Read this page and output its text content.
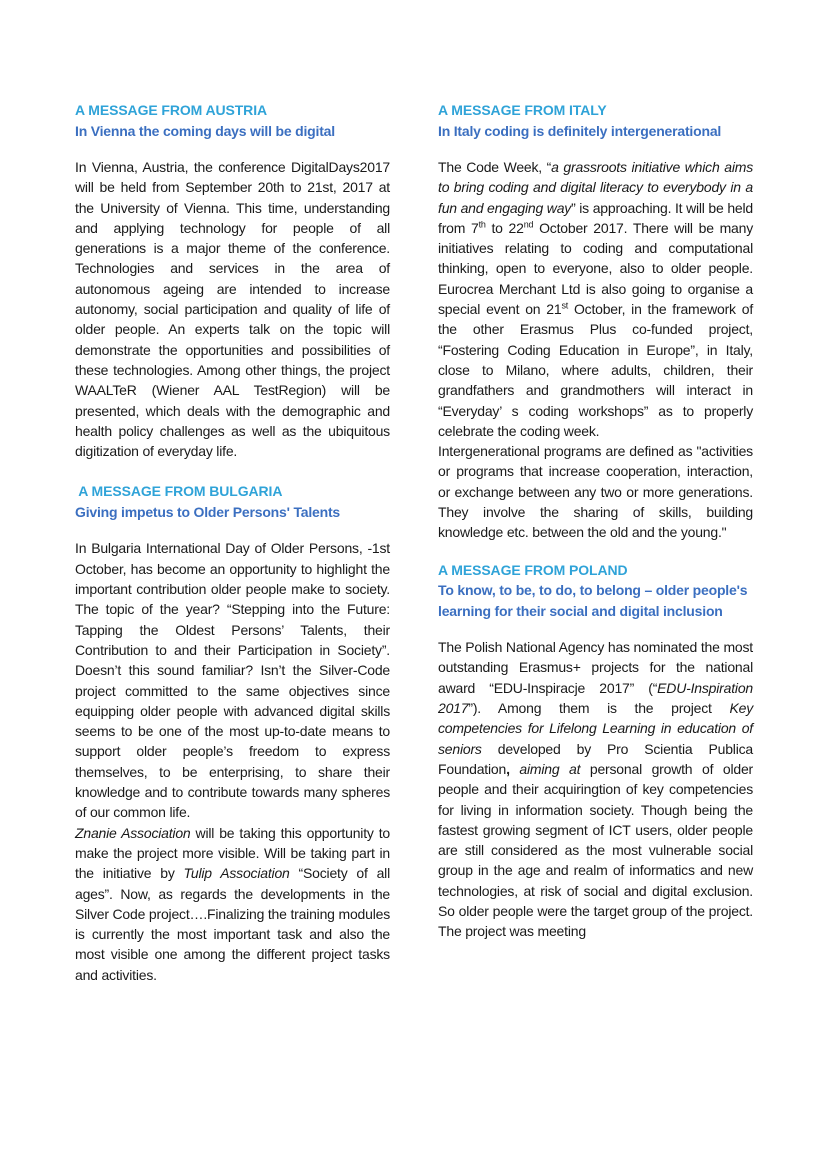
A MESSAGE FROM AUSTRIA

In Vienna the coming days will be digital

In Vienna, Austria, the conference DigitalDays2017 will be held from September 20th to 21st, 2017 at the University of Vienna. This time, understanding and applying technology for people of all generations is a major theme of the conference. Technologies and services in the area of autonomous ageing are intended to increase autonomy, social participation and quality of life of older people. An experts talk on the topic will demonstrate the opportunities and possibilities of these technologies. Among other things, the project WAALTeR (Wiener AAL TestRegion) will be presented, which deals with the demographic and health policy challenges as well as the ubiquitous digitization of everyday life.

A MESSAGE FROM BULGARIA

Giving impetus to Older Persons' Talents

In Bulgaria International Day of Older Persons, -1st October, has become an opportunity to highlight the important contribution older people make to society. The topic of the year? “Stepping into the Future: Tapping the Oldest Persons’ Talents, their Contribution to and their Participation in Society”. Doesn’t this sound familiar? Isn’t the Silver-Code project committed to the same objectives since equipping older people with advanced digital skills seems to be one of the most up-to-date means to support older people’s freedom to express themselves, to be enterprising, to share their knowledge and to contribute towards many spheres of our common life.

Znanie Association will be taking this opportunity to make the project more visible. Will be taking part in the initiative by Tulip Association “Society of all ages”. Now, as regards the developments in the Silver Code project….Finalizing the training modules is currently the most important task and also the most visible one among the different project tasks and activities.

A MESSAGE FROM ITALY

In Italy coding is definitely intergenerational

The Code Week, “a grassroots initiative which aims to bring coding and digital literacy to everybody in a fun and engaging way” is approaching. It will be held from 7th to 22nd October 2017. There will be many initiatives relating to coding and computational thinking, open to everyone, also to older people. Eurocrea Merchant Ltd is also going to organise a special event on 21st October, in the framework of the other Erasmus Plus co-funded project, “Fostering Coding Education in Europe”, in Italy, close to Milano, where adults, children, their grandfathers and grandmothers will interact in “Everyday’ s coding workshops” as to properly celebrate the coding week.

Intergenerational programs are defined as "activities or programs that increase cooperation, interaction, or exchange between any two or more generations. They involve the sharing of skills, building knowledge etc. between the old and the young."

A MESSAGE FROM POLAND

To know, to be, to do, to belong – older people's learning for their social and digital inclusion

The Polish National Agency has nominated the most outstanding Erasmus+ projects for the national award “EDU-Inspiracje 2017” (“EDU-Inspiration 2017”). Among them is the project Key competencies for Lifelong Learning in education of seniors developed by Pro Scientia Publica Foundation, aiming at personal growth of older people and their acquiringtion of key competencies for living in information society. Though being the fastest growing segment of ICT users, older people are still considered as the most vulnerable social group in the age and realm of informatics and new technologies, at risk of social and digital exclusion. So older people were the target group of the project. The project was meeting
